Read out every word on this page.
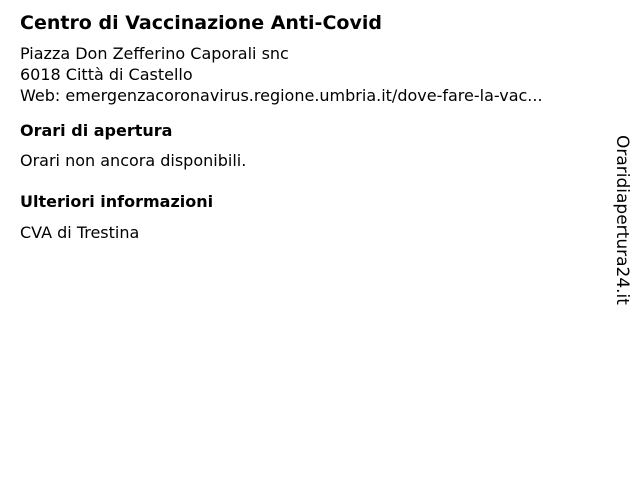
Centro di Vaccinazione Anti-Covid
Piazza Don Zefferino Caporali snc
6018 Città di Castello
Web: emergenzacoronavirus.regione.umbria.it/dove-fare-la-vac...
Orari di apertura

Orari non ancora disponibili.

Ulteriori informazioni

CVA di Trestina	Oraridiapertura24.it
